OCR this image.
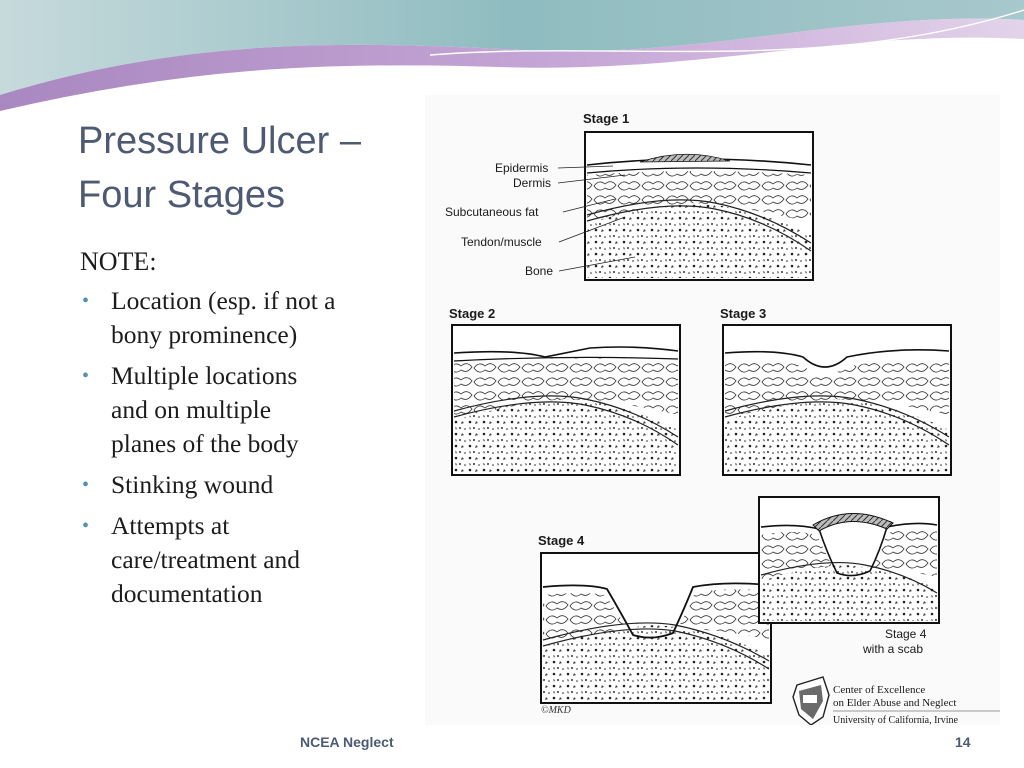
Pressure Ulcer –
Four Stages
NOTE:
• Location (esp. if not a
bony prominence)
• Multiple locations
and on multiple
planes of the body
• Stinking wound
• Attempts at
care/treatment and
documentation
Stage 1
Epidermis
Dermis
Subcutaneous fat
Tendon/muscle
Bone
Stage 2	Stage 3
Stage 4
Stage 4
with a scab
©MKD
Center of Excellence
on Elder Abuse and Neglect
University of California, Irvine
NCEA Neglect	14
